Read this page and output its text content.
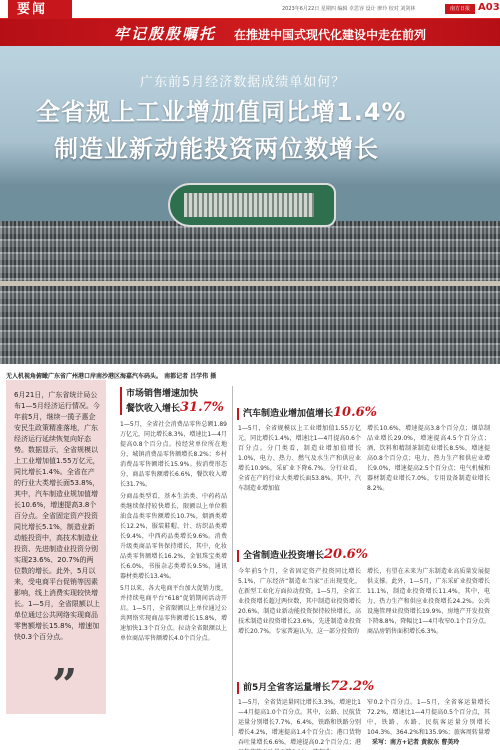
要闻	2023年6月22日 星期四 编辑 卓思容 设计 廖玲 校对 刘剑林	南方日报 A03
牢记殷殷嘱托 在推进中国式现代化建设中走在前列
广东前5月经济数据成绩单如何？
全省规上工业增加值同比增1.4%
制造业新动能投资两位数增长
无人机视角俯瞰广东省广州港口岸南沙港区海嘉汽车码头。 南都记者 吕学伟 摄

6月21日，广东省统计局公布1—5月经济运行情况。今年前5月，继续一揽子惠企安民生政策精准落地，广东经济运行延续恢复向好态势。数据显示，全省规模以上工业增加值1.55万亿元，同比增长1.4%。全省在产的行业大类增长面53.8%，其中，汽车制造业规加值增长10.6%，增速提高3.8个百分点。全省固定资产投资同比增长5.1%，制造业新动能投资中，高技术制造业投资、先进制造业投资分别实现23.6%、20.7%的两位数的增长。此外，5月以来，受电商平台促销等因素影响，线上消费实现较快增长。1—5月，全省限额以上单位通过公共网络实现商品零售额增长15.8%，增速加快0.3个百分点。

”
市场销售增速加快
餐饮收入增长31.7%

1—5月，全省社会消费品零售总额1.89万亿元，同比增长8.3%，增速比1—4月提高0.8个百分点。按经营单位所在地分，城镇消费品零售额增长8.2%；乡村消费品零售额增长15.9%。按消费形态分，商品零售额增长6.6%，餐饮收入增长31.7%。

分商品类型看，基本生活类、中药药品类继续保持较快增长，限额以上单位粮油食品类零售额增长10.7%，烟酒类增长12.2%，服装鞋帽、针、纺织品类增长9.4%，中西药品类增长9.6%。消费升级类商品零售保持增长，其中，化妆品类零售额增长16.2%，金银珠宝类增长6.0%，书报杂志类增长9.5%，通讯器材类增长13.4%。

5月以来，各大电商平台加大促销力度，并持续电商平台“618”促销期间活动开启。1—5月，全省限额以上单位通过公共网络实现商品零售额增长15.8%，增速加快1.3个百分点。拉动全省限额以上单位商品零售额增长4.0个百分点。

汽车制造业增加值增长10.6%
1—5月，全省规模以上工业增加值1.55万亿元，同比增长1.4%，增速比1—4月提高0.6个百分点。分门类看，制造业增加值增长1.0%，电力、热力、燃气及水生产和供应业增长10.9%，采矿业下降6.7%。分行业看，全省在产的行业大类增长面53.8%。其中，汽车制造业增加值
增长10.6%，增速提高3.8个百分点；烟草制品业增长29.0%，增速提高4.5个百分点；酒、饮料和精制茶制造业增长8.5%，增速提高0.8个百分点；电力、热力生产和供应业增长9.0%，增速提高2.5个百分点；电气机械和器材制造业增长7.0%，专用设备制造业增长8.2%。
全省制造业投资增长20.6%
今年前5个月，全省固定资产投资同比增长5.1%，广东经济“制造业当家”正出现变化，在新型工业化方面拉动投资。1—5月，全省工业投资增长超过两位数，其中制造业投资增长20.6%，制造业新动能投资保持较快增长，高技术制造业投资增长23.6%，先进制造业投资增长20.7%。专家普遍认为，这一部分投资的
增长，有望在未来为广东制造业高质量发展提供支撑。此外，1—5月，广东采矿业投资增长11.1%，制造业投资增长11.4%，其中，电力、热力生产和供应业投资增长24.2%。公共设施管理业投资增长19.9%，房地产开发投资下降8.8%，降幅比1—4月收窄0.1个百分点。商品房销售面积增长6.3%。
前5月全省客运量增长72.2%
1—5月，全省货运量同比增长3.3%，增速比1—4月提高1.0个百分点。其中，公路、民航货运量分别增长7.7%、6.4%，铁路和铁路分别增长4.2%，增速提高1.4个百分点；港口货物吞吐量增长6.6%，增速提高0.2个百分点；港
窄0.2个百分点。1—5月，全省客运量增长72.2%，增速比1—4月提高0.5个百分点，其中，铁路、水路、民航客运量分别增长104.3%、364.2%和135.9%；旅客周转量增
采写：南方+记者 黄叙东 曹美玲
